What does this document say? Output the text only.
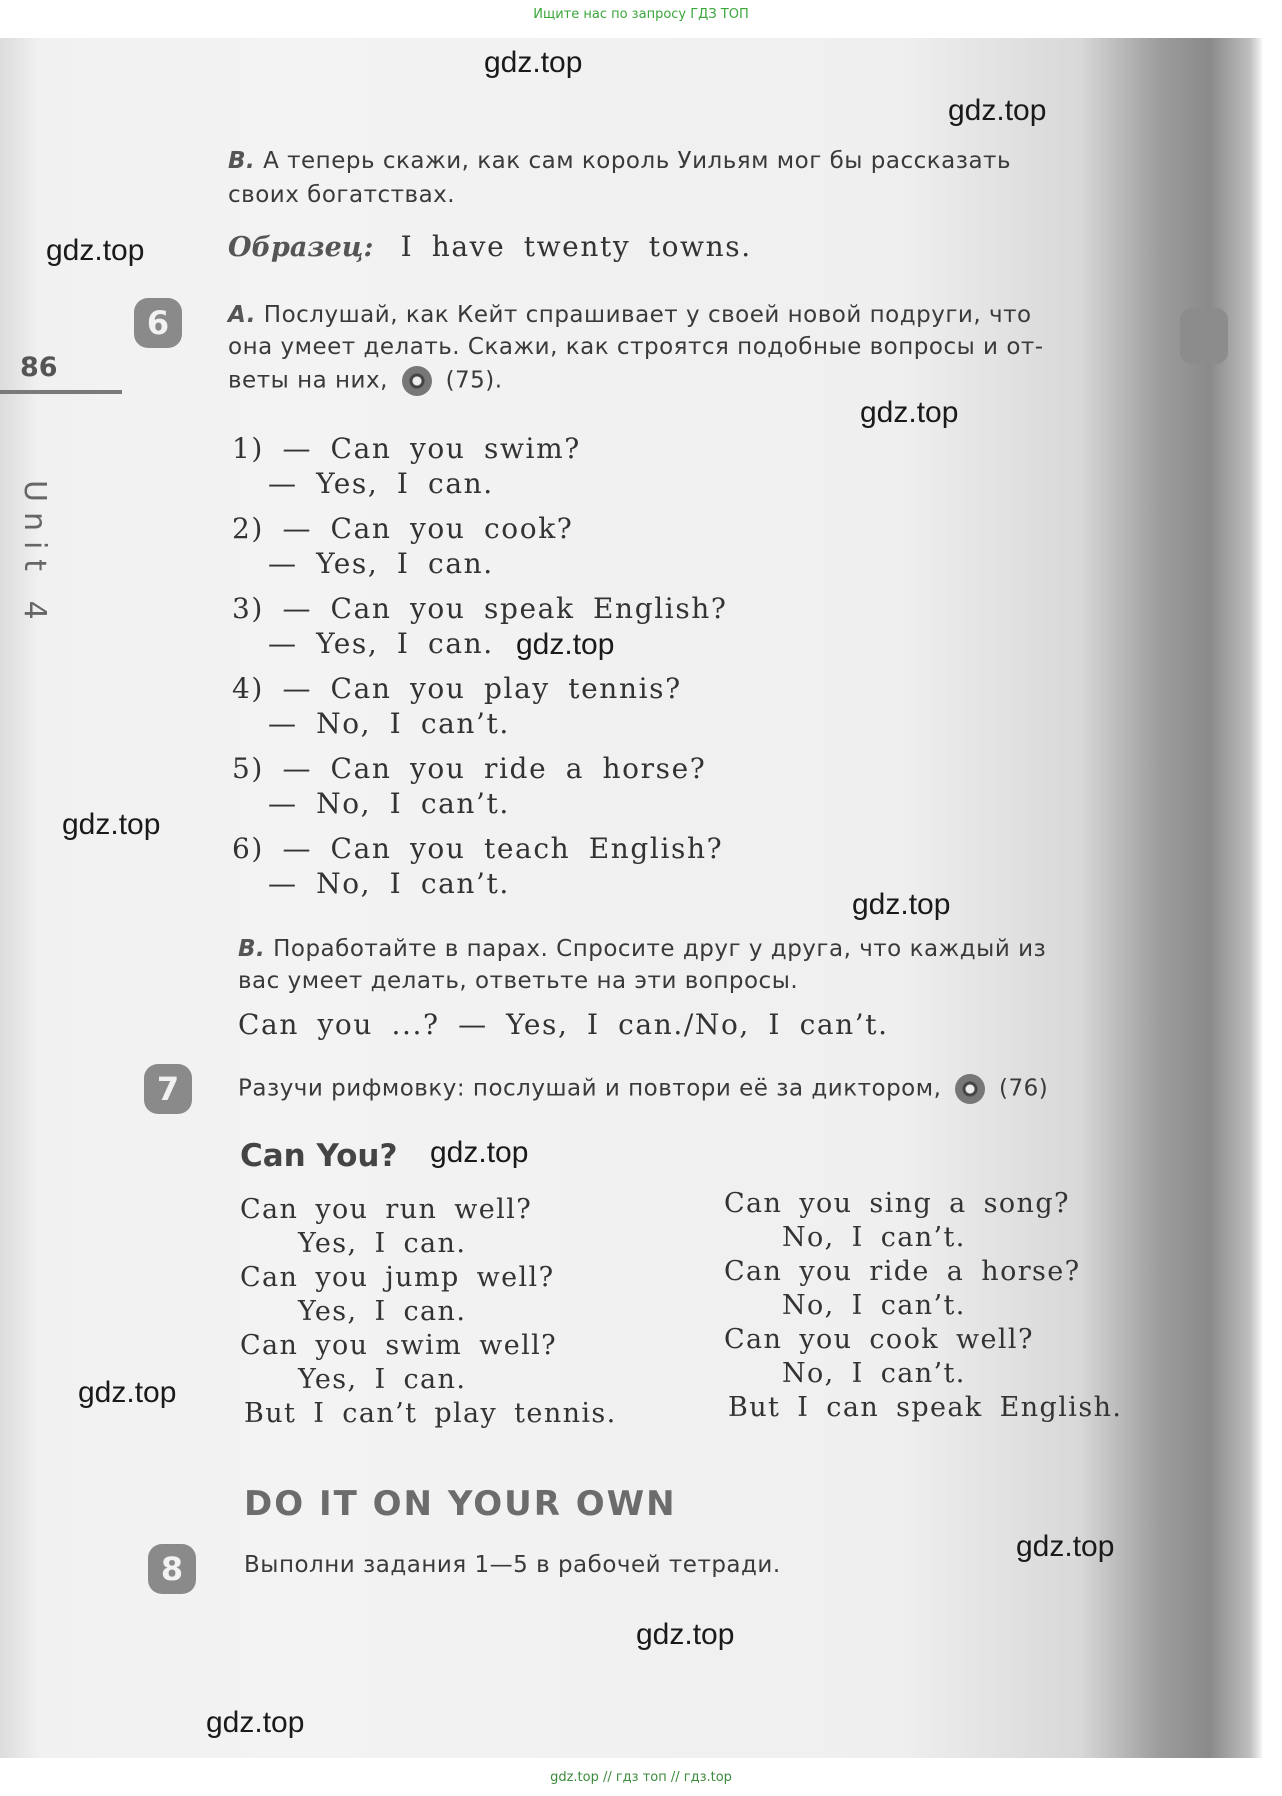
Ищите нас по запросу ГДЗ ТОП
gdz.top
gdz.top
gdz.top
gdz.top
gdz.top
gdz.top
gdz.top
gdz.top
gdz.top
gdz.top
gdz.top
gdz.top
86
Unit 4
B. А теперь скажи, как сам король Уильям мог бы рассказать
своих богатствах.
Образец: I have twenty towns.
6	A. Послушай, как Кейт спрашивает у своей новой подруги, что
она умеет делать. Скажи, как строятся подобные вопросы и от-
веты на них,	(75).
1) — Can you swim?
— Yes, I can.
2) — Can you cook?
— Yes, I can.
3) — Can you speak English?
— Yes, I can.
4) — Can you play tennis?
— No, I can’t.
5) — Can you ride a horse?
— No, I can’t.
6) — Can you teach English?
— No, I can’t.
B. Поработайте в парах. Спросите друг у друга, что каждый из
вас умеет делать, ответьте на эти вопросы.
Can you ...? — Yes, I can./No, I can’t.
7	Разучи рифмовку: послушай и повтори её за диктором,	(76)
Can You?
Can you run well?
Yes, I can.
Can you jump well?
Yes, I can.
Can you swim well?
Yes, I can.
But I can’t play tennis.
Can you sing a song?
No, I can’t.
Can you ride a horse?
No, I can’t.
Can you cook well?
No, I can’t.
But I can speak English.
DO IT ON YOUR OWN
8	Выполни задания 1—5 в рабочей тетради.
gdz.top // гдз топ // гдз.top
